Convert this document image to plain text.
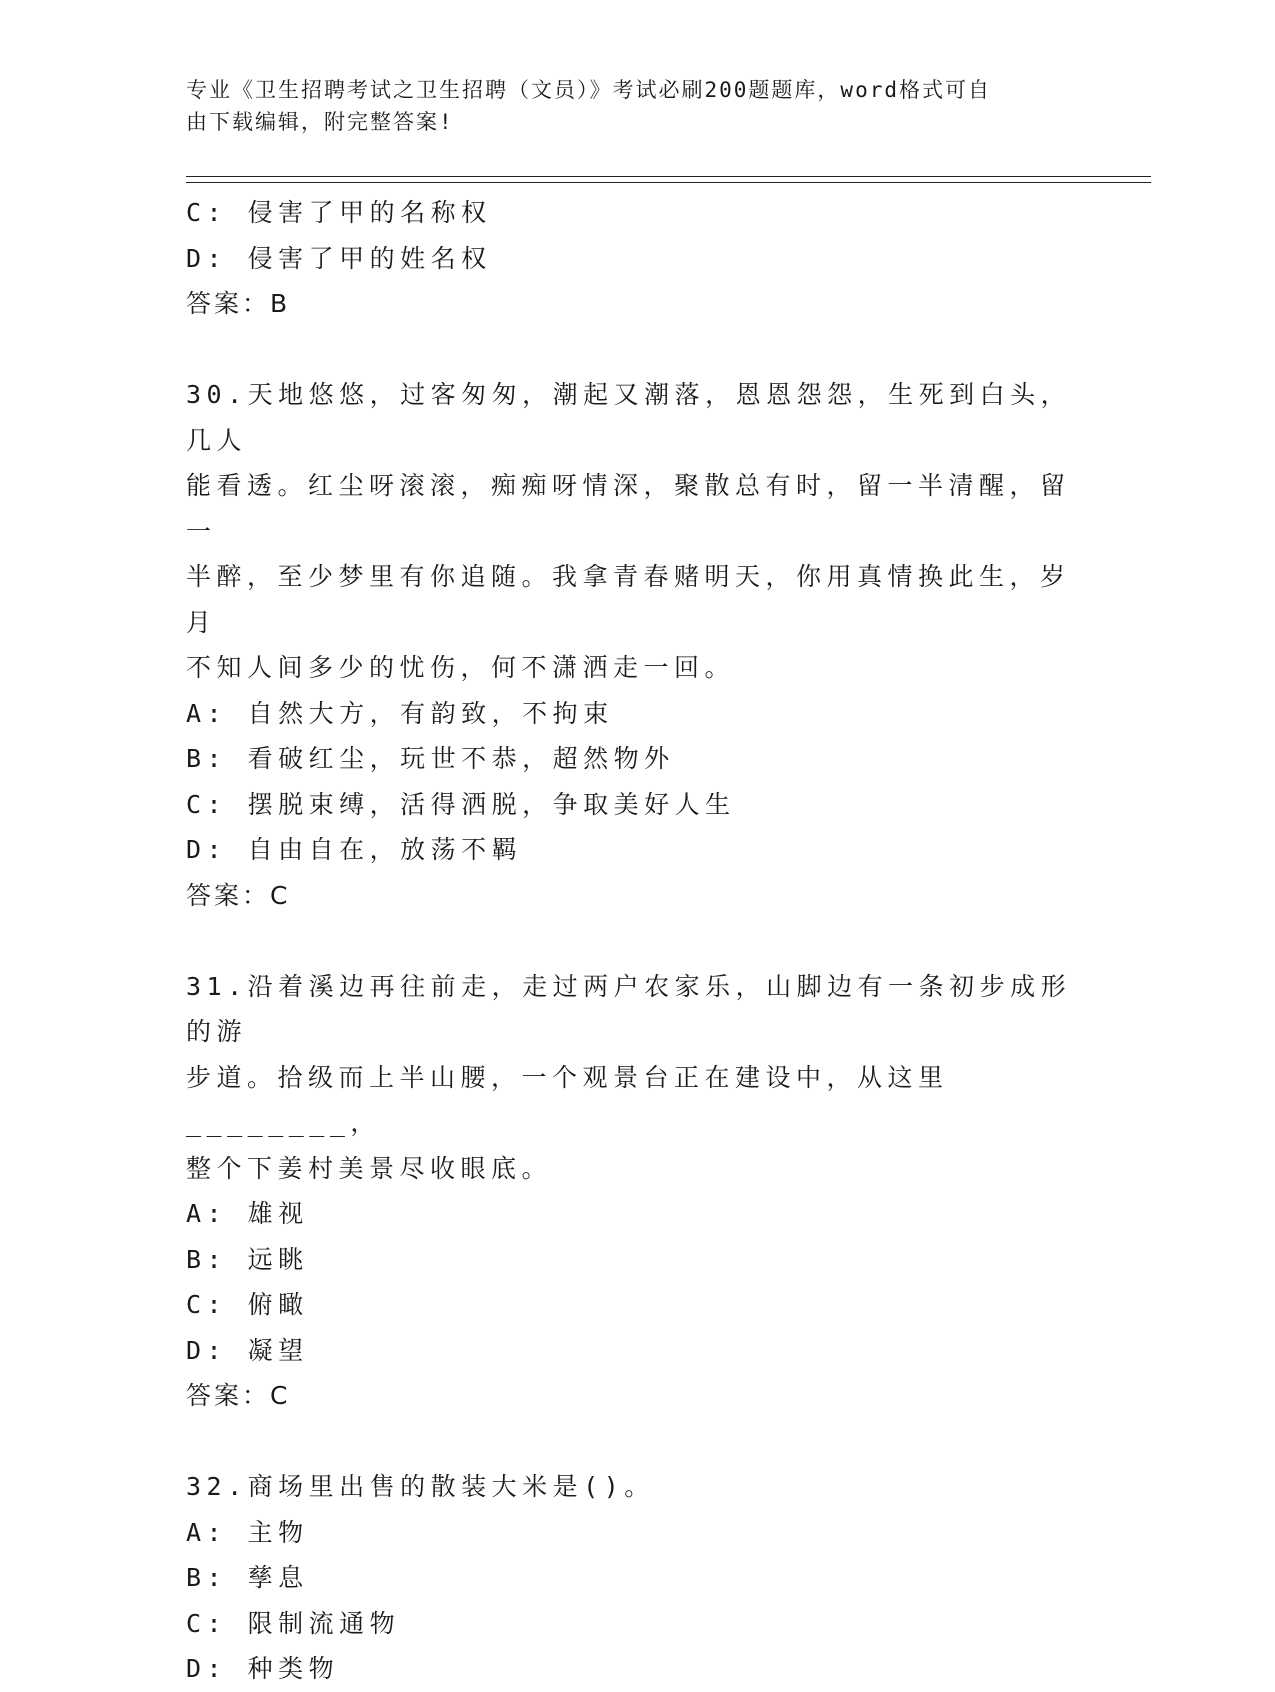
专业《卫生招聘考试之卫生招聘（文员）》考试必刷200题题库，word格式可自
由下载编辑，附完整答案!
C: 侵害了甲的名称权
D: 侵害了甲的姓名权
答案：B
30.天地悠悠，过客匆匆，潮起又潮落，恩恩怨怨，生死到白头，几人
能看透。红尘呀滚滚，痴痴呀情深，聚散总有时，留一半清醒，留一
半醉，至少梦里有你追随。我拿青春赌明天，你用真情换此生，岁月
不知人间多少的忧伤，何不潇洒走一回。
A: 自然大方，有韵致，不拘束
B: 看破红尘，玩世不恭，超然物外
C: 摆脱束缚，活得洒脱，争取美好人生
D: 自由自在，放荡不羁
答案：C
31.沿着溪边再往前走，走过两户农家乐，山脚边有一条初步成形的游
步道。拾级而上半山腰，一个观景台正在建设中，从这里________，
整个下姜村美景尽收眼底。
A: 雄视
B: 远眺
C: 俯瞰
D: 凝望
答案：C
32.商场里出售的散装大米是()。
A: 主物
B: 孳息
C: 限制流通物
D: 种类物
